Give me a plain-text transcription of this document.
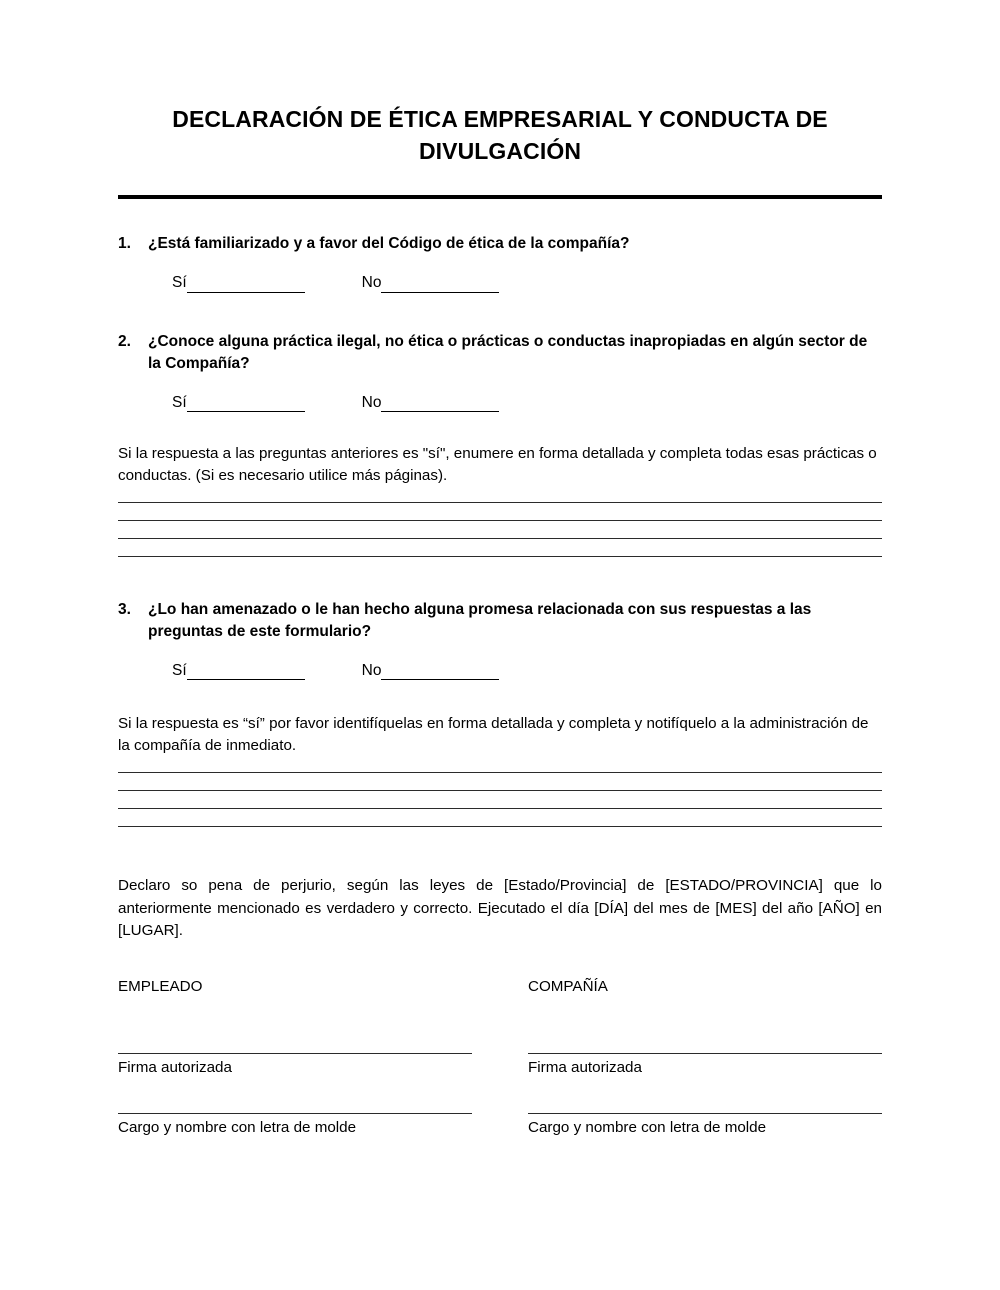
DECLARACIÓN DE ÉTICA EMPRESARIAL Y CONDUCTA DE DIVULGACIÓN
1.	¿Está familiarizado y a favor del Código de ética de la compañía?
Sí	No
2.	¿Conoce alguna práctica ilegal, no ética o prácticas o conductas inapropiadas en algún sector de la Compañía?
Sí	No

Si la respuesta a las preguntas anteriores es "sí", enumere en forma detallada y completa todas esas prácticas o conductas. (Si es necesario utilice más páginas).

3.	¿Lo han amenazado o le han hecho alguna promesa relacionada con sus respuestas a las preguntas de este formulario?
Sí	No

Si la respuesta es “sí” por favor identifíquelas en forma detallada y completa y notifíquelo a la administración de la compañía de inmediato.

Declaro so pena de perjurio, según las leyes de [Estado/Provincia] de [ESTADO/PROVINCIA] que lo anteriormente mencionado es verdadero y correcto. Ejecutado el día [DÍA] del mes de [MES] del año [AÑO] en [LUGAR].

EMPLEADO
Firma autorizada
Cargo y nombre con letra de molde
COMPAÑÍA
Firma autorizada
Cargo y nombre con letra de molde
